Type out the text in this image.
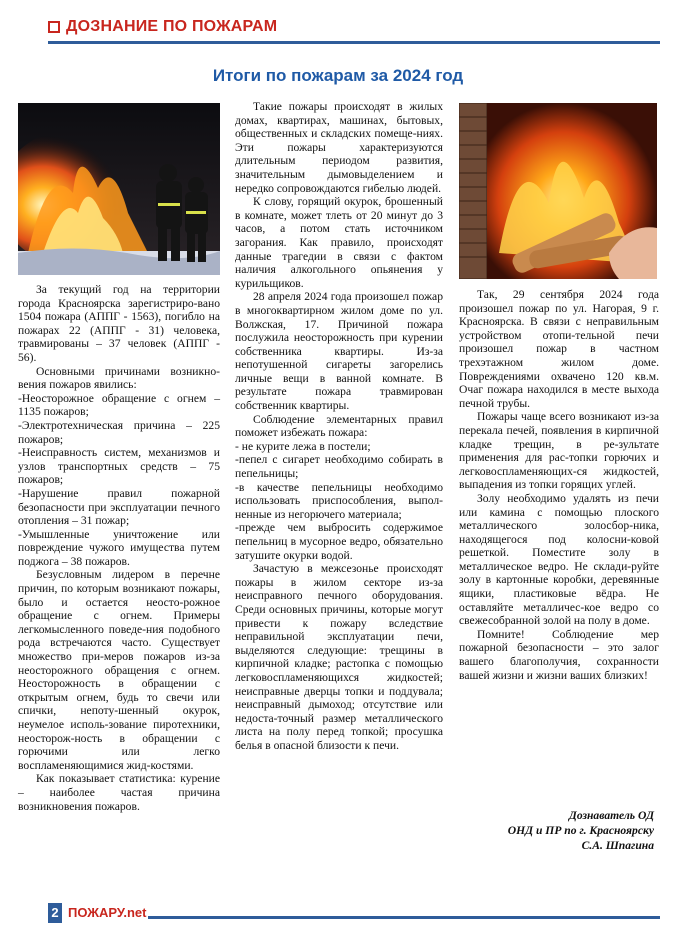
ДОЗНАНИЕ ПО ПОЖАРАМ
Итоги по пожарам за 2024 год

За текущий год на территории города Красноярска зарегистриро-вано 1504 пожара (АППГ - 1563), погибло на пожарах 22 (АППГ - 31) человека, травмированы – 37 человек (АППГ - 56).

Основными причинами возникно-вения пожаров явились:

-Неосторожное обращение с огнем – 1135 пожаров;

-Электротехническая причина – 225 пожаров;

-Неисправность систем, механизмов и узлов транспортных средств – 75 пожаров;

-Нарушение правил пожарной безопасности при эксплуатации печного отопления – 31 пожар;

-Умышленные уничтожение или повреждение чужого имущества путем поджога – 38 пожаров.

Безусловным лидером в перечне причин, по которым возникают пожары, было и остается неосто-рожное обращение с огнем. Примеры легкомысленного поведе-ния подобного рода встречаются часто. Существует множество при-меров пожаров из-за неосторожного обращения с огнем. Неосторожность в обращении с открытым огнем, будь то свечи или спички, непоту-шенный окурок, неумелое исполь-зование пиротехники, неосторож-ность в обращении с горючими или легко воспламеняющимися жид-костями.

Как показывает статистика: курение – наиболее частая причина возникновения пожаров.

Такие пожары происходят в жилых домах, квартирах, машинах, бытовых, общественных и складских помеще-ниях. Эти пожары характеризуются длительным периодом развития, значительным дымовыделением и нередко сопровождаются гибелью людей.

К слову, горящий окурок, брошенный в комнате, может тлеть от 20 минут до 3 часов, а потом стать источником загорания. Как правило, происходят данные трагедии в связи с фактом наличия алкогольного опьянения у курильщиков.

28 апреля 2024 года произошел пожар в многоквартирном жилом доме по ул. Волжская, 17. Причиной пожара послужила неосторожность при курении собственника квартиры. Из-за непотушенной сигареты загорелись личные вещи в ванной комнате. В результате пожара травмирован собственник квартиры.

Соблюдение элементарных правил поможет избежать пожара:

- не курите лежа в постели;

-пепел с сигарет необходимо собирать в пепельницы;

-в качестве пепельницы необходимо использовать приспособления, выпол-ненные из негорючего материала;

-прежде чем выбросить содержимое пепельниц в мусорное ведро, обязательно затушите окурки водой.

Зачастую в межсезонье происходят пожары в жилом секторе из-за неисправного печного оборудования. Среди основных причины, которые могут привести к пожару вследствие неправильной эксплуатации печи, выделяются следующие: трещины в кирпичной кладке; растопка с помощью легковоспламеняющихся жидкостей; неисправные дверцы топки и поддувала; неисправный дымоход; отсутствие или недоста-точный размер металлического листа на полу перед топкой; просушка белья в опасной близости к печи.

Так, 29 сентября 2024 года произошел пожар по ул. Нагорая, 9 г. Красноярска. В связи с неправильным устройством отопи-тельной печи произошел пожар в частном трехэтажном жилом доме. Повреждениями охвачено 120 кв.м. Очаг пожара находился в месте выхода печной трубы.

Пожары чаще всего возникают из-за перекала печей, появления в кирпичной кладке трещин, в ре-зультате применения для рас-топки горючих и легковоспламеняющих-ся жидкостей, выпадения из топки горящих углей.

Золу необходимо удалять из печи или камина с помощью плоского металлического золосбор-ника, находящегося под колосни-ковой решеткой. Поместите золу в металлическое ведро. Не склади-руйте золу в картонные коробки, деревянные ящики, пластиковые вёдра. Не оставляйте металличес-кое ведро со свежесобранной золой на полу в доме.

Помните! Соблюдение мер пожарной безопасности – это залог вашего благополучия, сохранности вашей жизни и жизни ваших близких!

Дознаватель ОД
ОНД и ПР по г. Красноярску
С.А. Шпагина
2 ПОЖАРУ.net
